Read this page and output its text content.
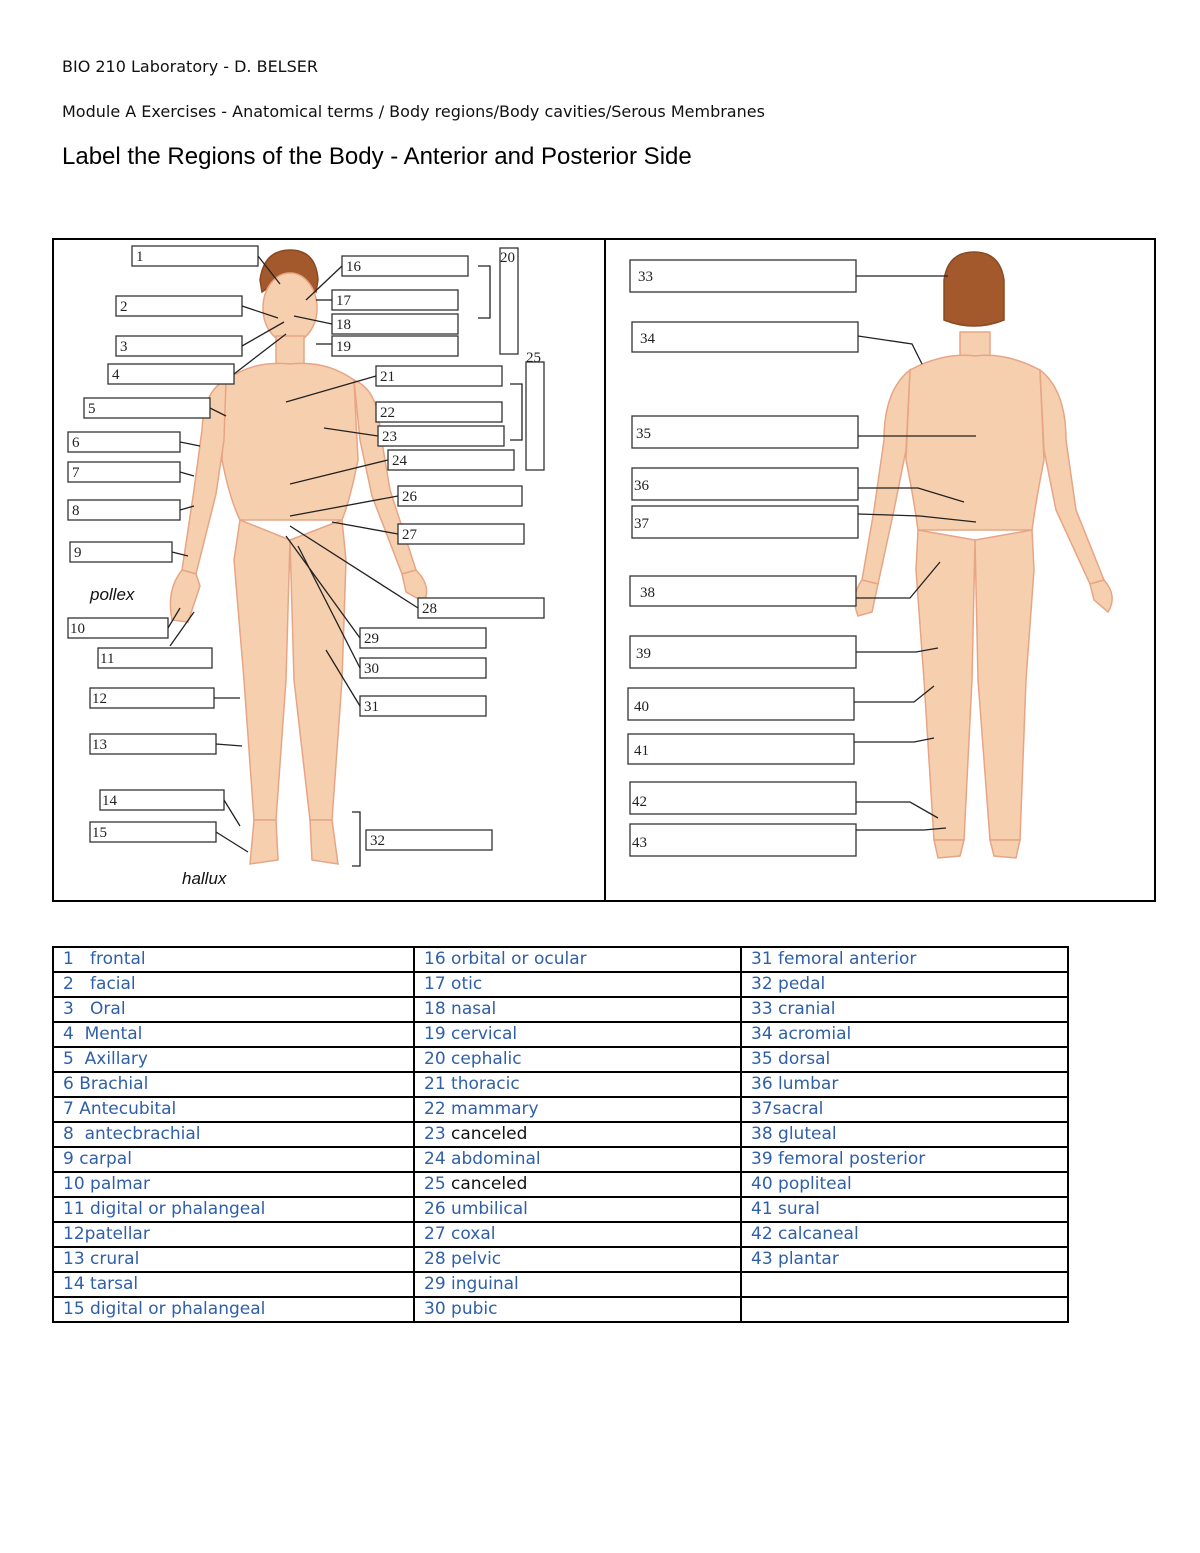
BIO 210 Laboratory - D. BELSER
Module A Exercises - Anatomical terms / Body regions/Body cavities/Serous Membranes
Label the Regions of the Body - Anterior and Posterior Side
1
2
3
4
5
6
7
8
9
pollex
10
11
12
13
14
15
hallux
16
17
18
19
20
21
22
23
24
25
26
27
28
29
30
31
32
33
34
35
36
37
38
39
40
41
42
43
1   frontal	16 orbital or ocular	31 femoral anterior
2   facial	17 otic	32 pedal
3   Oral	18 nasal	33 cranial
4  Mental	19 cervical	34 acromial
5  Axillary	20 cephalic	35 dorsal
6 Brachial	21 thoracic	36 lumbar
7 Antecubital	22 mammary	37sacral
8  antecbrachial	23 canceled	38 gluteal
9 carpal	24 abdominal	39 femoral posterior
10 palmar	25 canceled	40 popliteal
11 digital or phalangeal	26 umbilical	41 sural
12patellar	27 coxal	42 calcaneal
13 crural	28 pelvic	43 plantar
14 tarsal	29 inguinal	
15 digital or phalangeal	30 pubic	
